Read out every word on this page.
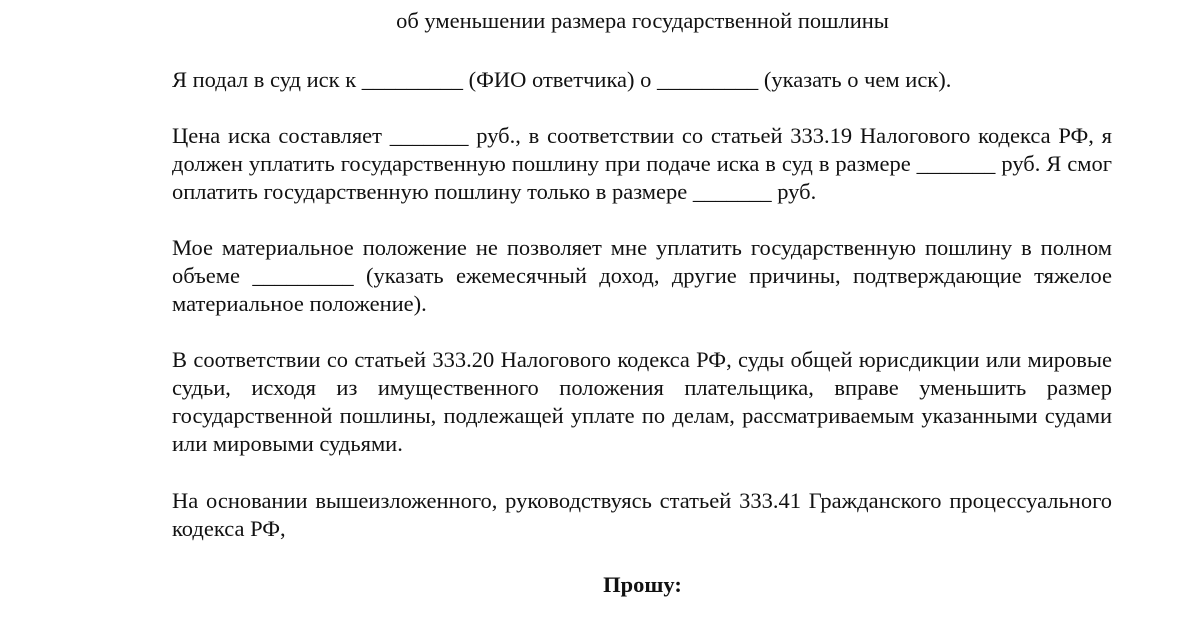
об уменьшении размера государственной пошлины

Я подал в суд иск к _________ (ФИО ответчика) о _________ (указать о чем иск).

Цена иска составляет _______ руб., в соответствии со статьей 333.19 Налогового кодекса РФ, я должен уплатить государственную пошлину при подаче иска в суд в размере _______ руб. Я смог оплатить государственную пошлину только в размере _______ руб.

Мое материальное положение не позволяет мне уплатить государственную пошлину в полном объеме _________ (указать ежемесячный доход, другие причины, подтверждающие тяжелое материальное положение).

В соответствии со статьей 333.20 Налогового кодекса РФ, суды общей юрисдикции или мировые судьи, исходя из имущественного положения плательщика, вправе уменьшить размер государственной пошлины, подлежащей уплате по делам, рассматриваемым указанными судами или мировыми судьями.

На основании вышеизложенного, руководствуясь статьей 333.41 Гражданского процессуального кодекса РФ,

Прошу:
